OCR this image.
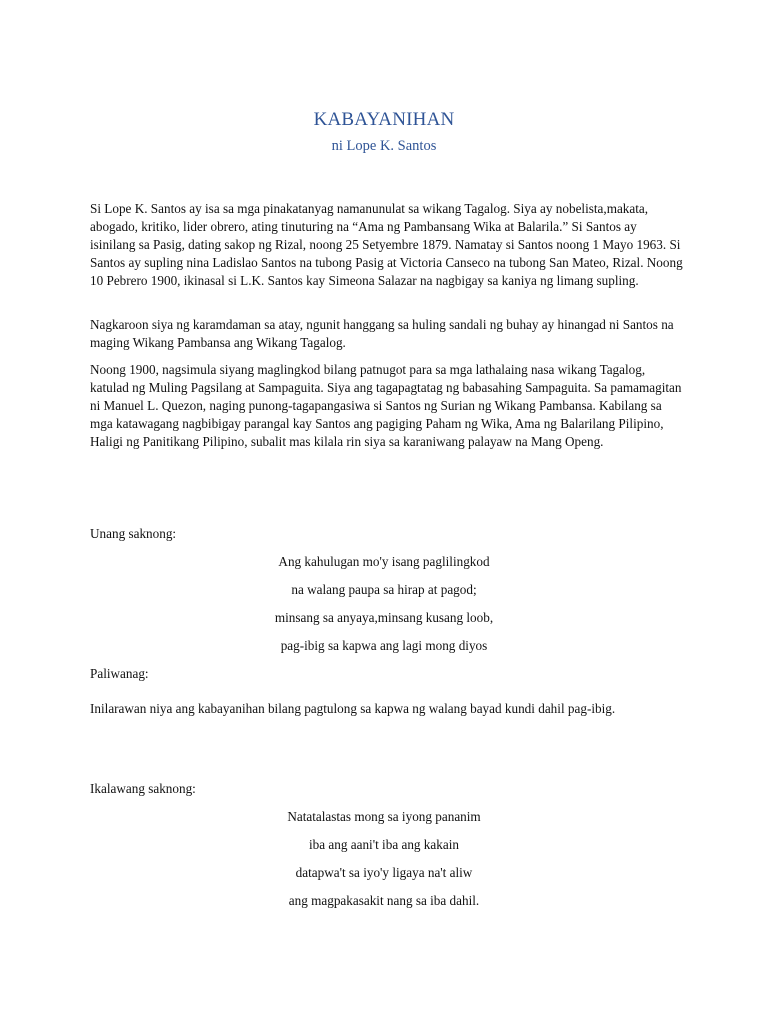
KABAYANIHAN

ni Lope K. Santos

Si Lope K. Santos ay isa sa mga pinakatanyag namanunulat sa wikang Tagalog. Siya ay nobelista,makata, abogado, kritiko, lider obrero, ating tinuturing na “Ama ng Pambansang Wika at Balarila.” Si Santos ay isinilang sa Pasig, dating sakop ng Rizal, noong 25 Setyembre 1879. Namatay si Santos noong 1 Mayo 1963. Si Santos ay supling nina Ladislao Santos na tubong Pasig at Victoria Canseco na tubong San Mateo, Rizal. Noong 10 Pebrero 1900, ikinasal si L.K. Santos kay Simeona Salazar na nagbigay sa kaniya ng limang supling.

Nagkaroon siya ng karamdaman sa atay, ngunit hanggang sa huling sandali ng buhay ay hinangad ni Santos na maging Wikang Pambansa ang Wikang Tagalog.

Noong 1900, nagsimula siyang maglingkod bilang patnugot para sa mga lathalaing nasa wikang Tagalog, katulad ng Muling Pagsilang at Sampaguita. Siya ang tagapagtatag ng babasahing Sampaguita. Sa pamamagitan ni Manuel L. Quezon, naging punong-tagapangasiwa si Santos ng Surian ng Wikang Pambansa. Kabilang sa mga katawagang nagbibigay parangal kay Santos ang pagiging Paham ng Wika, Ama ng Balarilang Pilipino, Haligi ng Panitikang Pilipino, subalit mas kilala rin siya sa karaniwang palayaw na Mang Openg.

Unang saknong:

Ang kahulugan mo'y isang paglilingkod

na walang paupa sa hirap at pagod;

minsang sa anyaya,minsang kusang loob,

pag-ibig sa kapwa ang lagi mong diyos

Paliwanag:

Inilarawan niya ang kabayanihan bilang pagtulong sa kapwa ng walang bayad kundi dahil pag-ibig.

Ikalawang saknong:

Natatalastas mong sa iyong pananim

iba ang aani't iba ang kakain

datapwa't sa iyo'y ligaya na't aliw

ang magpakasakit nang sa iba dahil.
